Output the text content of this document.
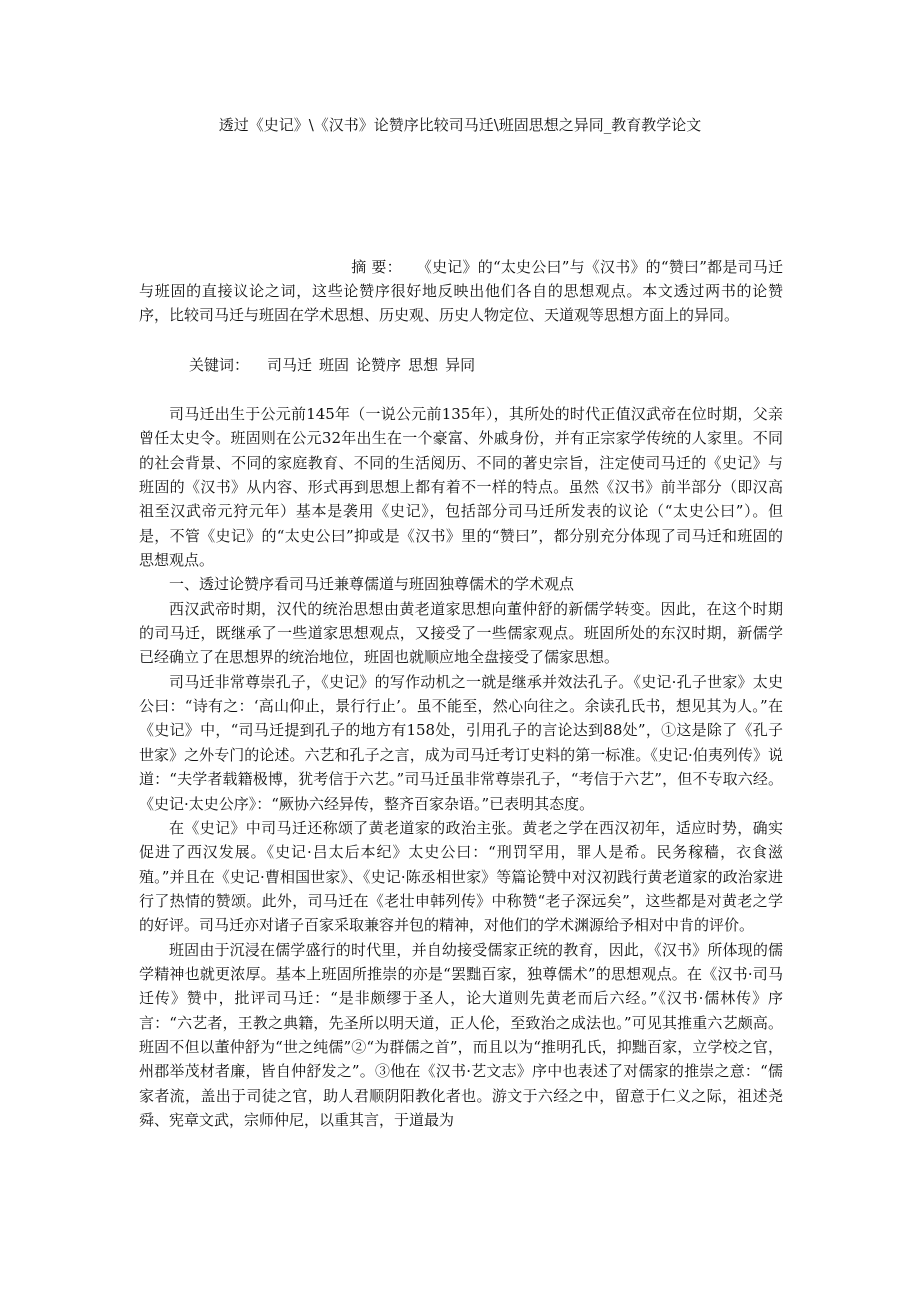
透过《史记》\《汉书》论赞序比较司马迁\班固思想之异同_教育教学论文

摘 要： 《史记》的“太史公曰”与《汉书》的“赞曰”都是司马迁与班固的直接议论之词，这些论赞序很好地反映出他们各自的思想观点。本文透过两书的论赞序，比较司马迁与班固在学术思想、历史观、历史人物定位、天道观等思想方面上的异同。

关键词： 司马迁 班固 论赞序 思想 异同

司马迁出生于公元前145年（一说公元前135年），其所处的时代正值汉武帝在位时期，父亲曾任太史令。班固则在公元32年出生在一个豪富、外戚身份，并有正宗家学传统的人家里。不同的社会背景、不同的家庭教育、不同的生活阅历、不同的著史宗旨，注定使司马迁的《史记》与班固的《汉书》从内容、形式再到思想上都有着不一样的特点。虽然《汉书》前半部分（即汉高祖至汉武帝元狩元年）基本是袭用《史记》，包括部分司马迁所发表的议论（“太史公曰”）。但是，不管《史记》的“太史公曰”抑或是《汉书》里的“赞曰”，都分别充分体现了司马迁和班固的思想观点。

一、透过论赞序看司马迁兼尊儒道与班固独尊儒术的学术观点

西汉武帝时期，汉代的统治思想由黄老道家思想向董仲舒的新儒学转变。因此，在这个时期的司马迁，既继承了一些道家思想观点，又接受了一些儒家观点。班固所处的东汉时期，新儒学已经确立了在思想界的统治地位，班固也就顺应地全盘接受了儒家思想。

司马迁非常尊崇孔子，《史记》的写作动机之一就是继承并效法孔子。《史记·孔子世家》太史公曰：“诗有之：‘高山仰止，景行行止’。虽不能至，然心向往之。余读孔氏书，想见其为人。”在《史记》中，“司马迁提到孔子的地方有158处，引用孔子的言论达到88处”，①这是除了《孔子世家》之外专门的论述。六艺和孔子之言，成为司马迁考订史料的第一标准。《史记·伯夷列传》说道：“夫学者载籍极博，犹考信于六艺。”司马迁虽非常尊崇孔子，“考信于六艺”，但不专取六经。《史记·太史公序》：“厥协六经异传，整齐百家杂语。”已表明其态度。

在《史记》中司马迁还称颂了黄老道家的政治主张。黄老之学在西汉初年，适应时势，确实促进了西汉发展。《史记·吕太后本纪》太史公曰：“刑罚罕用，罪人是希。民务稼穑，衣食滋殖。”并且在《史记·曹相国世家》、《史记·陈丞相世家》等篇论赞中对汉初践行黄老道家的政治家进行了热情的赞颂。此外，司马迁在《老壮申韩列传》中称赞“老子深远矣”，这些都是对黄老之学的好评。司马迁亦对诸子百家采取兼容并包的精神，对他们的学术渊源给予相对中肯的评价。

班固由于沉浸在儒学盛行的时代里，并自幼接受儒家正统的教育，因此，《汉书》所体现的儒学精神也就更浓厚。基本上班固所推崇的亦是“罢黜百家，独尊儒术”的思想观点。在《汉书·司马迁传》赞中，批评司马迁：“是非颇缪于圣人，论大道则先黄老而后六经。”《汉书·儒林传》序言：“六艺者，王教之典籍，先圣所以明天道，正人伦，至致治之成法也。”可见其推重六艺颇高。班固不但以董仲舒为“世之纯儒”②“为群儒之首”，而且以为“推明孔氏，抑黜百家，立学校之官，州郡举茂材者廉，皆自仲舒发之”。③他在《汉书·艺文志》序中也表述了对儒家的推崇之意：“儒家者流，盖出于司徒之官，助人君顺阴阳教化者也。游文于六经之中，留意于仁义之际，祖述尧舜、宪章文武，宗师仲尼，以重其言，于道最为
